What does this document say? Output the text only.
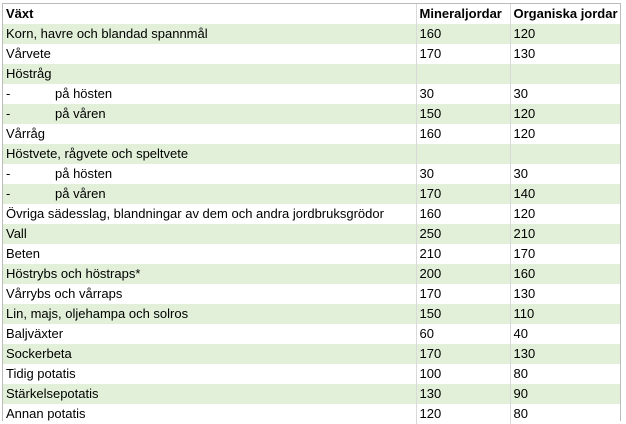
Växt	Mineraljordar	Organiska jordar
Korn, havre och blandad spannmål	160	120
Vårvete	170	130
Höstråg		
- på hösten	30	30
- på våren	150	120
Vårråg	160	120
Höstvete, rågvete och speltvete		
- på hösten	30	30
- på våren	170	140
Övriga sädesslag, blandningar av dem och andra jordbruksgrödor	160	120
Vall	250	210
Beten	210	170
Höstrybs och höstraps*	200	160
Vårrybs och vårraps	170	130
Lin, majs, oljehampa och solros	150	110
Baljväxter	60	40
Sockerbeta	170	130
Tidig potatis	100	80
Stärkelsepotatis	130	90
Annan potatis	120	80
